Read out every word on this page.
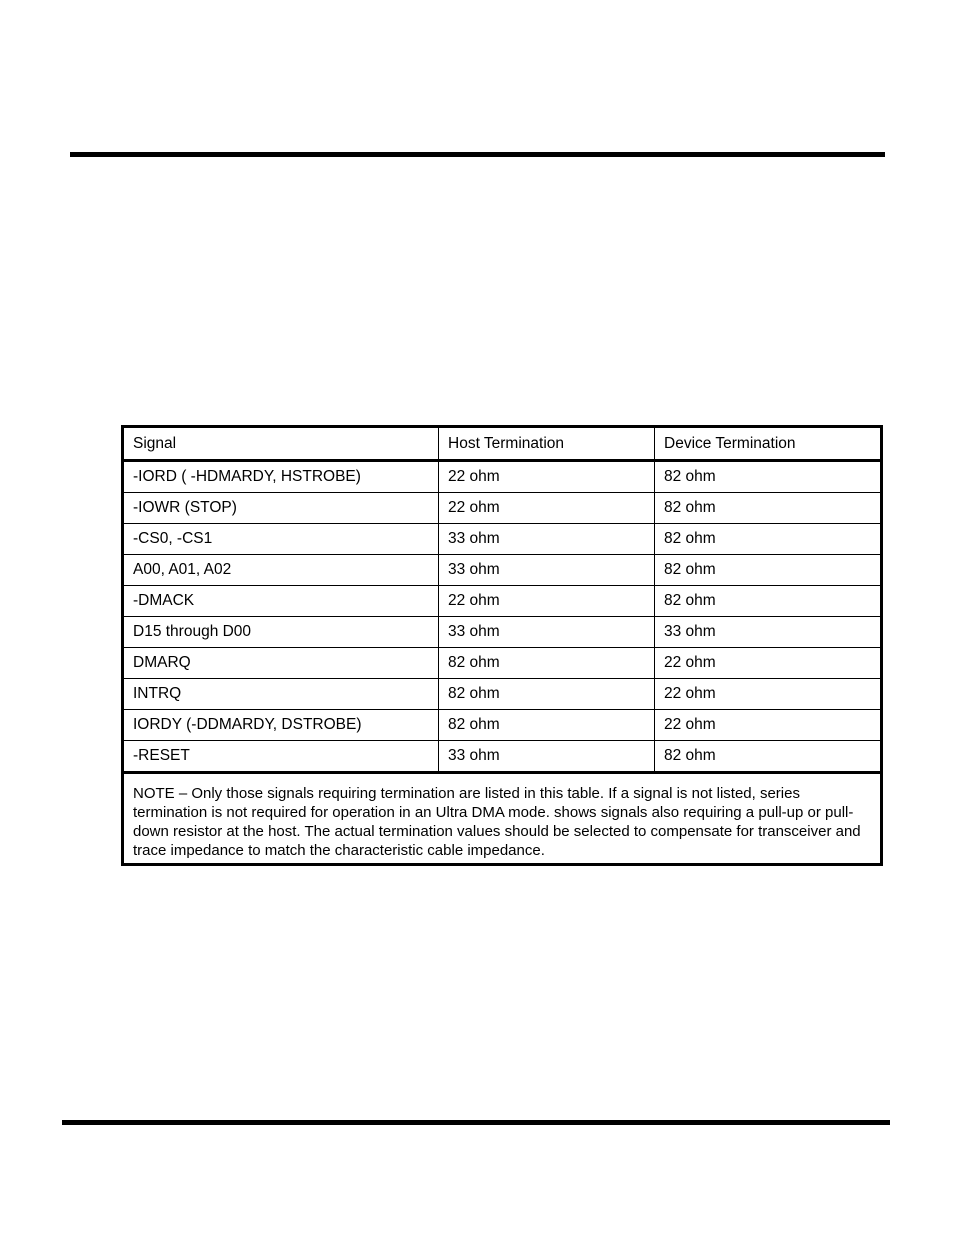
Signal	Host Termination	Device Termination
-IORD ( -HDMARDY, HSTROBE)	22 ohm	82 ohm
-IOWR (STOP)	22 ohm	82 ohm
-CS0, -CS1	33 ohm	82 ohm
A00, A01, A02	33 ohm	82 ohm
-DMACK	22 ohm	82 ohm
D15 through D00	33 ohm	33 ohm
DMARQ	82 ohm	22 ohm
INTRQ	82 ohm	22 ohm
IORDY (-DDMARDY, DSTROBE)	82 ohm	22 ohm
-RESET	33 ohm	82 ohm
NOTE – Only those signals requiring termination are listed in this table. If a signal is not listed, series termination is not required for operation in an Ultra DMA mode. shows signals also requiring a pull-up or pull-down resistor at the host. The actual termination values should be selected to compensate for transceiver and trace impedance to match the characteristic cable impedance.		
